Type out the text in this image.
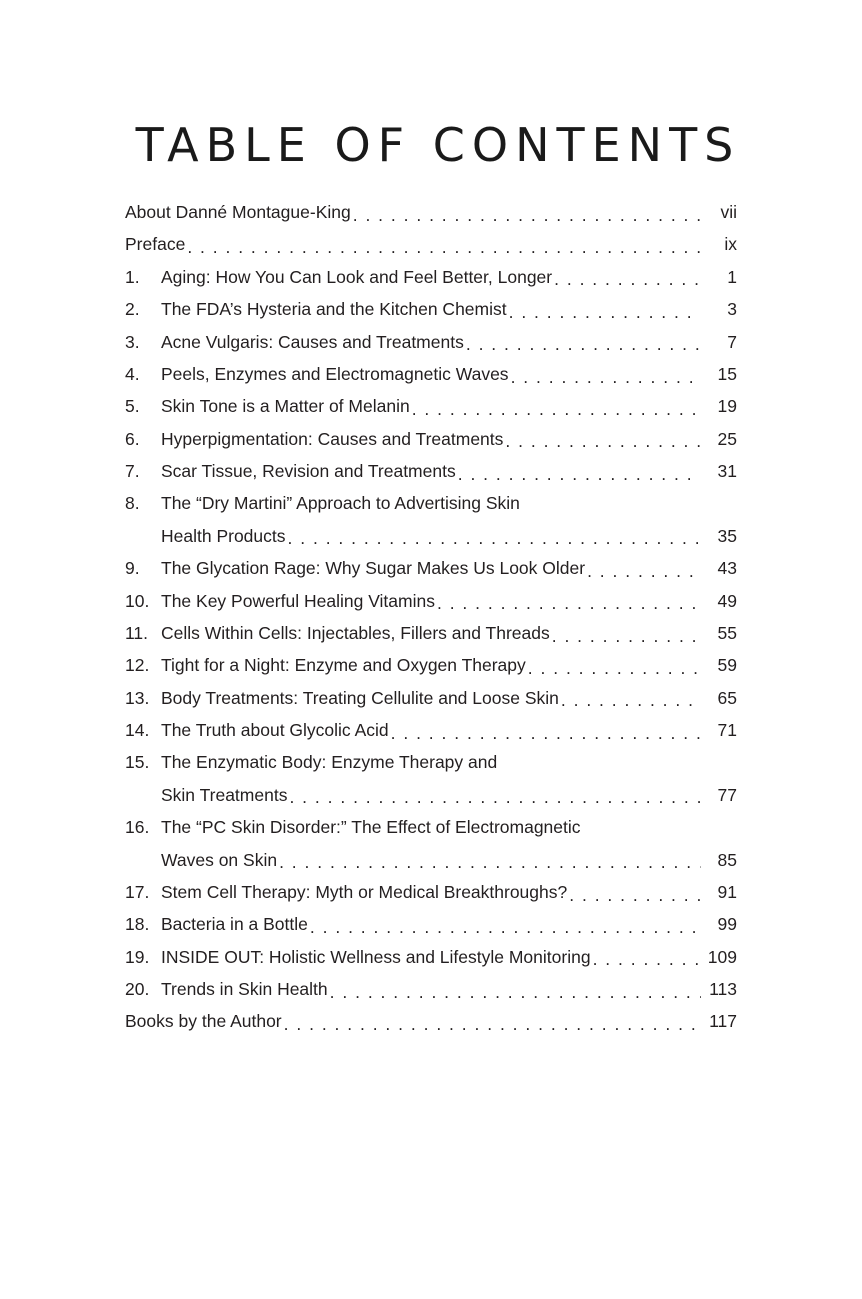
TABLE OF CONTENTS
About Danné Montague-King . . .	vii
Preface . . .	ix
1.	Aging: How You Can Look and Feel Better, Longer . . .	1
2.	The FDA’s Hysteria and the Kitchen Chemist . . .	3
3.	Acne Vulgaris: Causes and Treatments . . .	7
4.	Peels, Enzymes and Electromagnetic Waves . . .	15
5.	Skin Tone is a Matter of Melanin . . .	19
6.	Hyperpigmentation: Causes and Treatments . . .	25
7.	Scar Tissue, Revision and Treatments . . .	31
8.	The “Dry Martini” Approach to Advertising Skin
Health Products . . .	35
9.	The Glycation Rage: Why Sugar Makes Us Look Older . . .	43
10. The Key Powerful Healing Vitamins . . .	49
11. Cells Within Cells: Injectables, Fillers and Threads . . .	55
12. Tight for a Night: Enzyme and Oxygen Therapy . . .	59
13. Body Treatments: Treating Cellulite and Loose Skin . . .	65
14. The Truth about Glycolic Acid . . .	71
15. The Enzymatic Body: Enzyme Therapy and
Skin Treatments . . .	77
16. The “PC Skin Disorder:” The Effect of Electromagnetic
Waves on Skin . . .	85
17. Stem Cell Therapy: Myth or Medical Breakthroughs? . . .	91
18. Bacteria in a Bottle . . .	99
19. INSIDE OUT: Holistic Wellness and Lifestyle Monitoring . . .	109
20. Trends in Skin Health . . .	113
Books by the Author . . .	117
